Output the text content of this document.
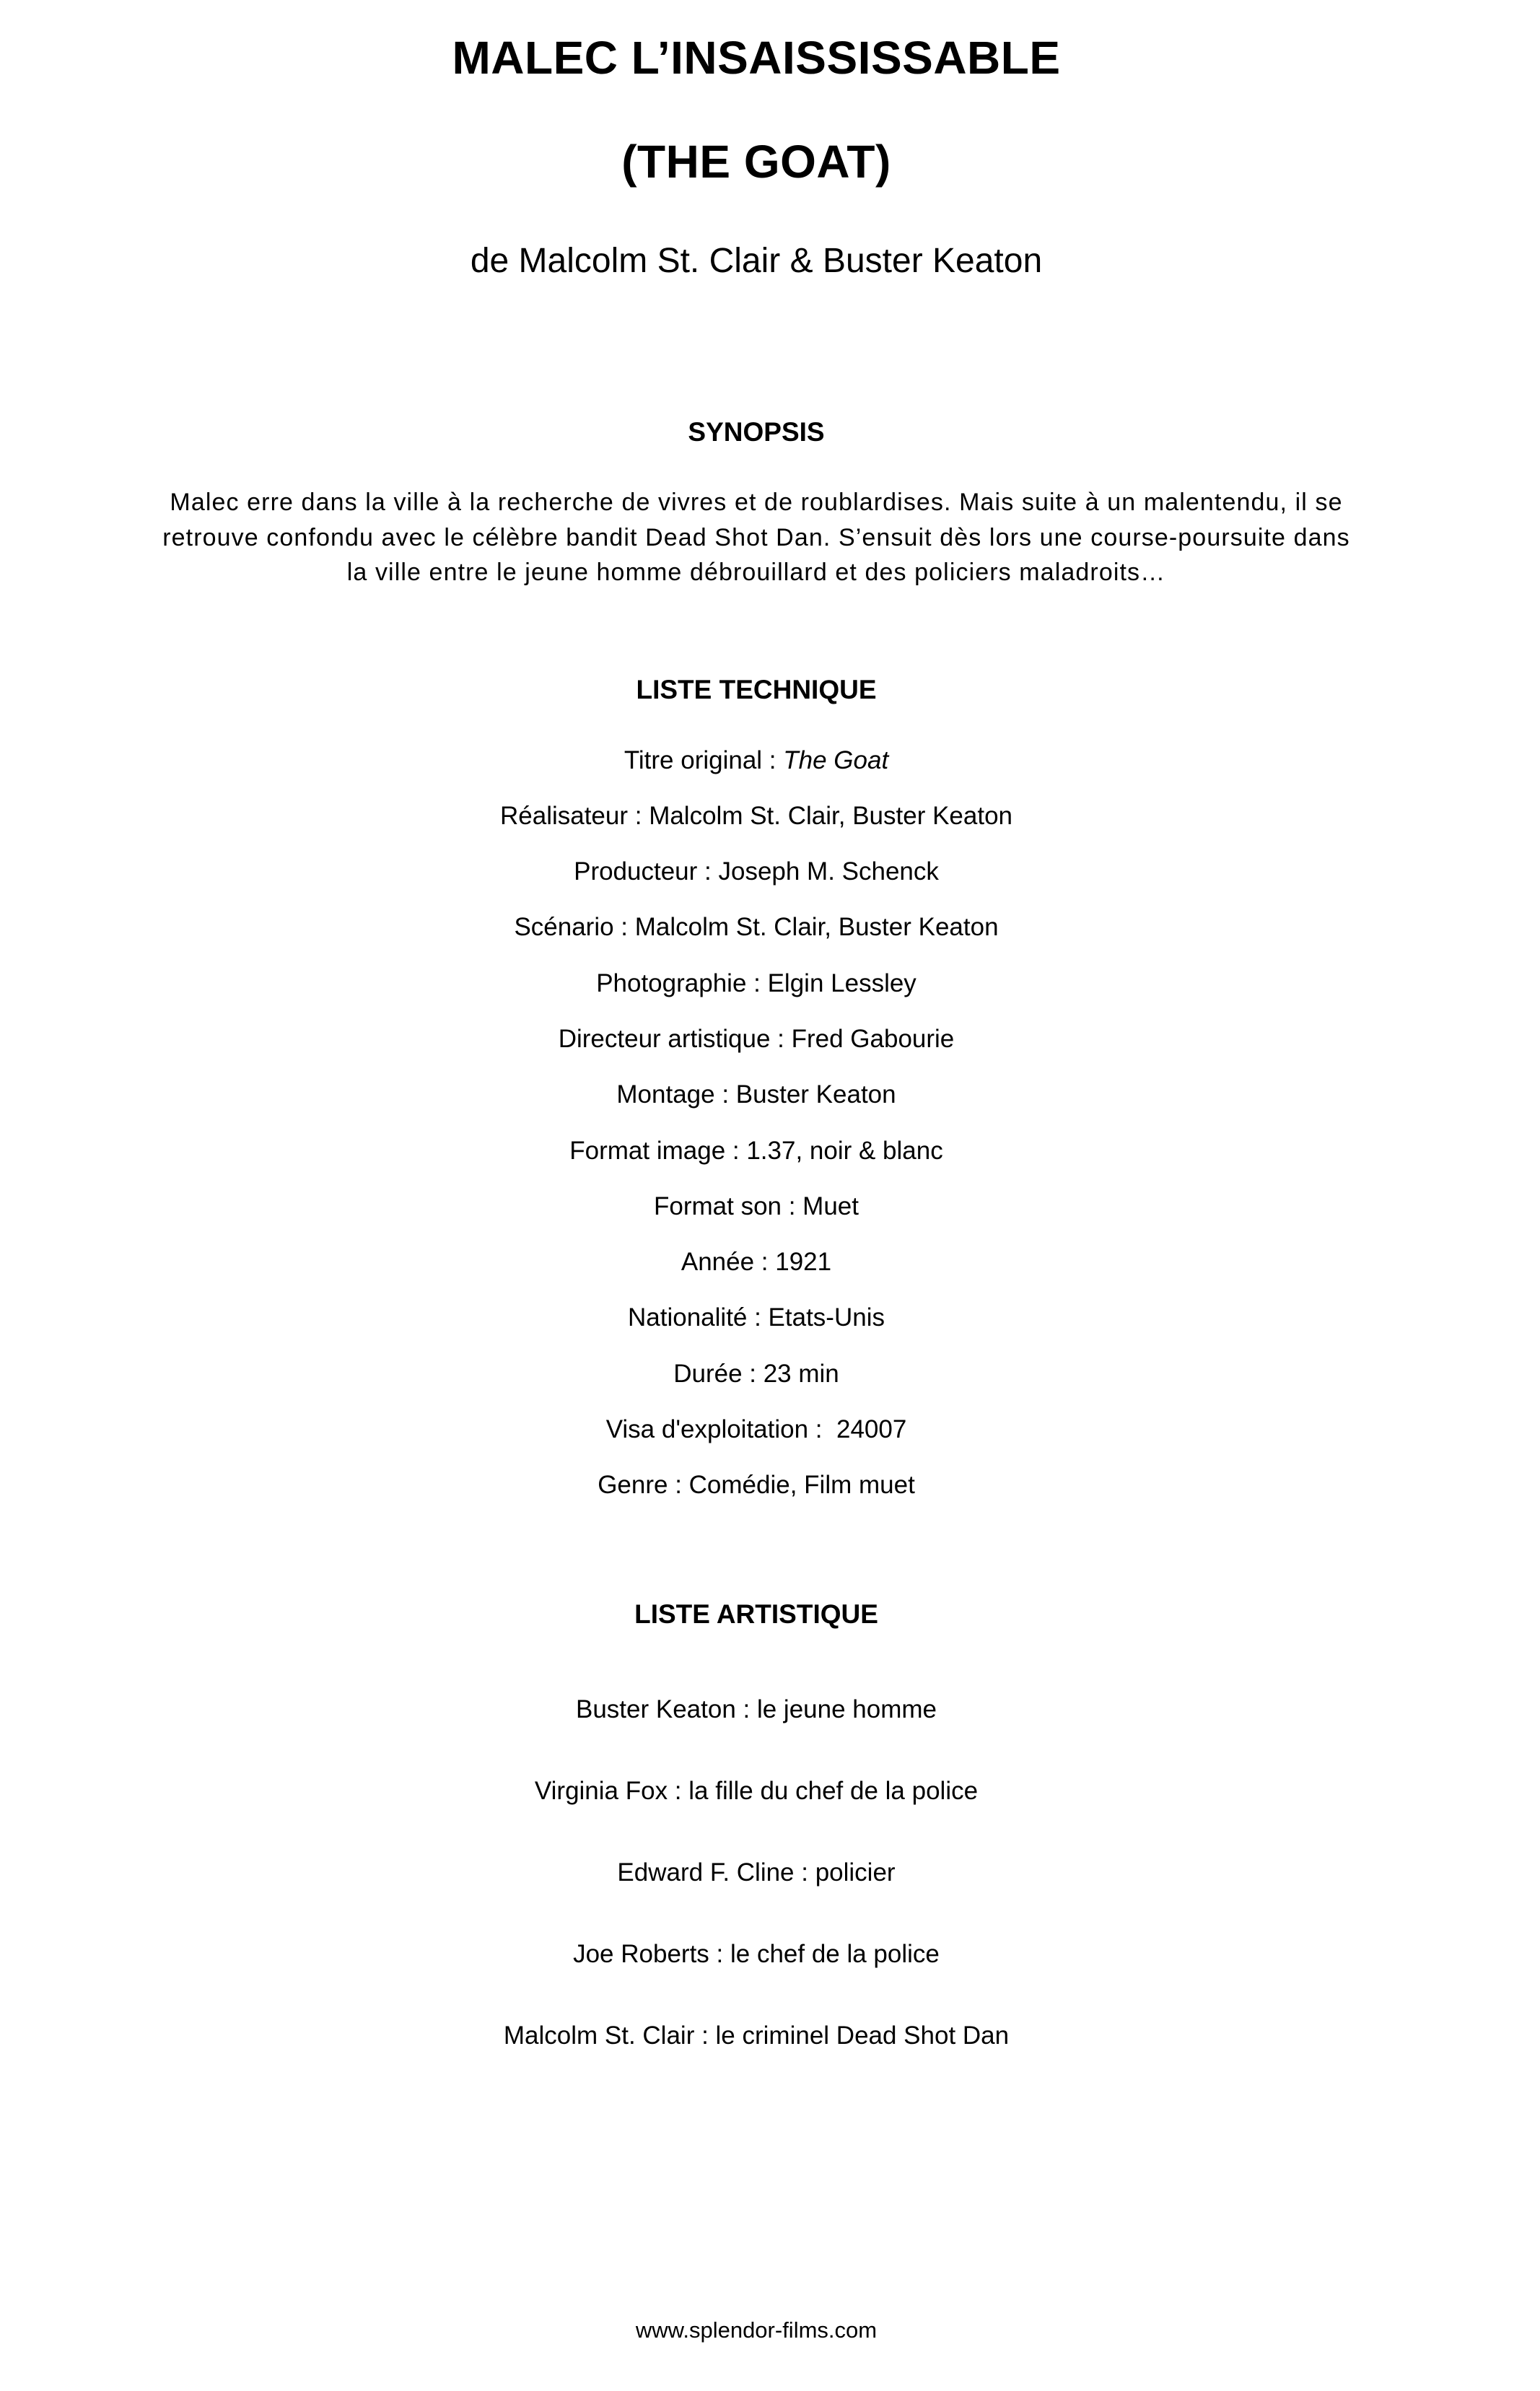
MALEC L’INSAISSISSABLE
(THE GOAT)

de Malcolm St. Clair & Buster Keaton

SYNOPSIS

Malec erre dans la ville à la recherche de vivres et de roublardises. Mais suite à un malentendu, il se

retrouve confondu avec le célèbre bandit Dead Shot Dan. S’ensuit dès lors une course-poursuite dans

la ville entre le jeune homme débrouillard et des policiers maladroits…

LISTE TECHNIQUE

Titre original : The Goat

Réalisateur : Malcolm St. Clair, Buster Keaton

Producteur : Joseph M. Schenck

Scénario : Malcolm St. Clair, Buster Keaton

Photographie : Elgin Lessley

Directeur artistique : Fred Gabourie

Montage : Buster Keaton

Format image : 1.37, noir & blanc

Format son : Muet

Année : 1921

Nationalité : Etats-Unis

Durée : 23 min

Visa d'exploitation :  24007

Genre : Comédie, Film muet

LISTE ARTISTIQUE

Buster Keaton : le jeune homme

Virginia Fox : la fille du chef de la police

Edward F. Cline : policier

Joe Roberts : le chef de la police

Malcolm St. Clair : le criminel Dead Shot Dan

www.splendor-films.com
